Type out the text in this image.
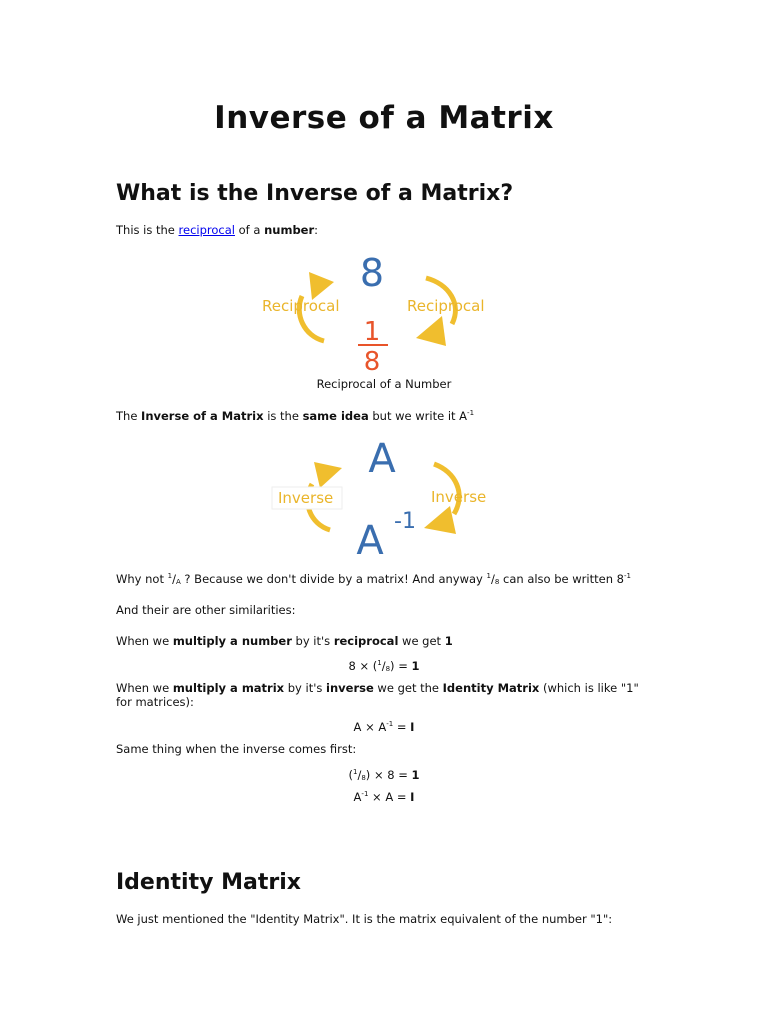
Inverse of a Matrix
What is the Inverse of a Matrix?
This is the reciprocal of a number:
Reciprocal	Reciprocal
8
1
8
Reciprocal of a Number
The Inverse of a Matrix is the same idea but we write it $A^{-1}$
Inverse	Inverse
A
A -1
Why not $^1/_A$ ? Because we don't divide by a matrix! And anyway $^1/_8$ can also be written $8^{-1}$
And their are other similarities:
When we multiply a number by it's reciprocal we get 1
$8 \times (^1/_8) = 1$
When we multiply a matrix by it's inverse we get the Identity Matrix (which is like "1" for matrices):
$A \times A^{-1} = I$
Same thing when the inverse comes first:
$(^1/_8) \times 8 = 1$
$A^{-1} \times A = I$
Identity Matrix
We just mentioned the "Identity Matrix". It is the matrix equivalent of the number "1":
